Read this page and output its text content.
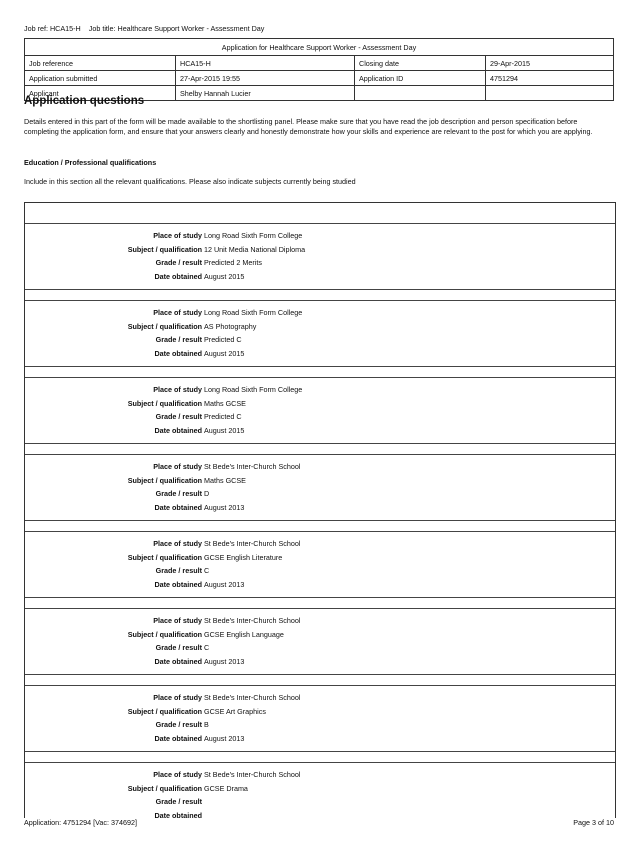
Job ref: HCA15-H Job title: Healthcare Support Worker - Assessment Day
Application for Healthcare Support Worker - Assessment Day			
Job reference	HCA15-H	Closing date	29-Apr-2015
Application submitted	27-Apr-2015 19:55	Application ID	4751294
Applicant	Shelby Hannah Lucier		
Application questions
Details entered in this part of the form will be made available to the shortlisting panel. Please make sure that you have read the job description and person specification before completing the application form, and ensure that your answers clearly and honestly demonstrate how your skills and experience are relevant to the post for which you are applying.
Education / Professional qualifications
Include in this section all the relevant qualifications. Please also indicate subjects currently being studied
Place of study Long Road Sixth Form College
Subject / qualification 12 Unit Media National Diploma
Grade / result Predicted 2 Merits
Date obtained August 2015
Place of study Long Road Sixth Form College
Subject / qualification AS Photography
Grade / result Predicted C
Date obtained August 2015
Place of study Long Road Sixth Form College
Subject / qualification Maths GCSE
Grade / result Predicted C
Date obtained August 2015
Place of study St Bede's Inter-Church School
Subject / qualification Maths GCSE
Grade / result D
Date obtained August 2013
Place of study St Bede's Inter-Church School
Subject / qualification GCSE English Literature
Grade / result C
Date obtained August 2013
Place of study St Bede's Inter-Church School
Subject / qualification GCSE English Language
Grade / result C
Date obtained August 2013
Place of study St Bede's Inter-Church School
Subject / qualification GCSE Art Graphics
Grade / result B
Date obtained August 2013
Place of study St Bede's Inter-Church School
Subject / qualification GCSE Drama
Grade / result
Date obtained
Application: 4751294 [Vac: 374692]	Page 3 of 10
